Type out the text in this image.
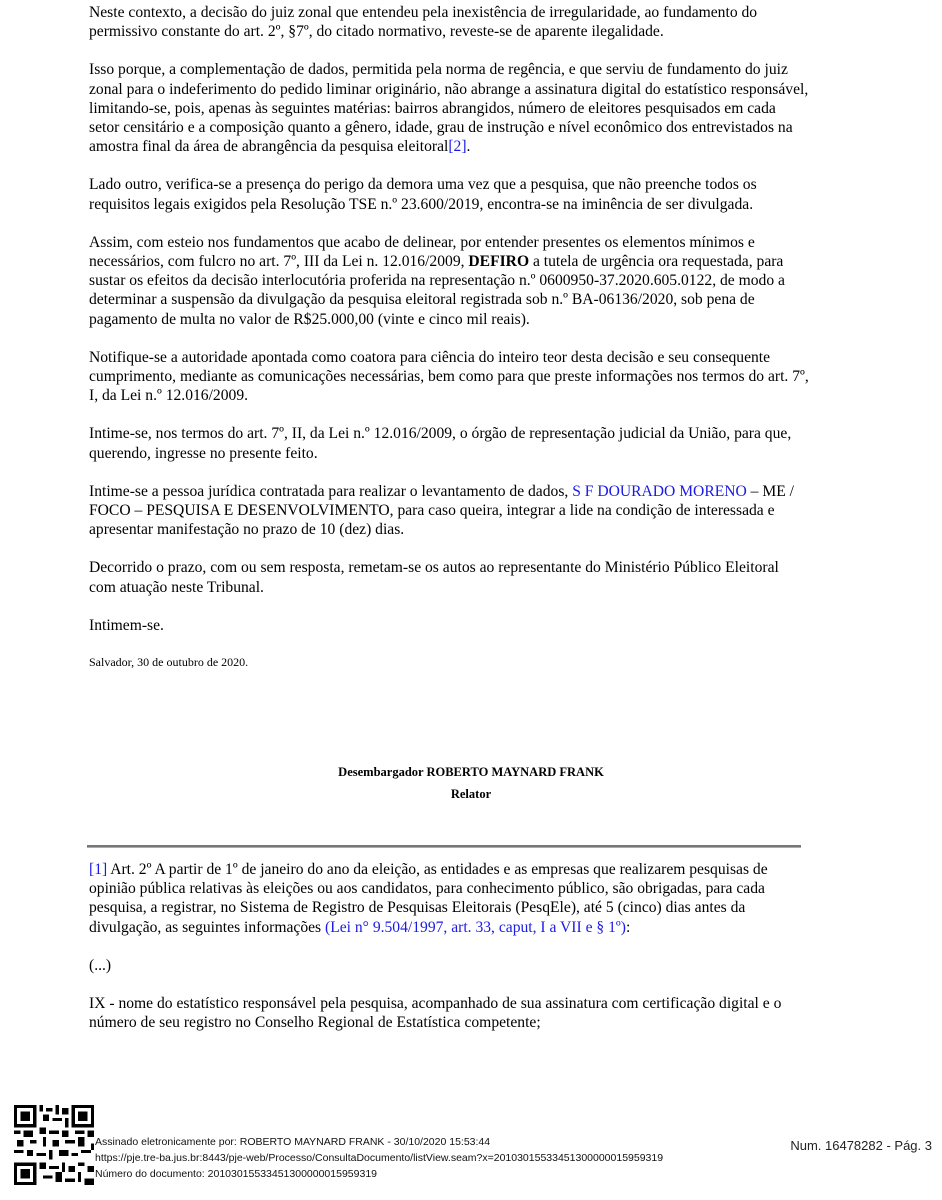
Neste contexto, a decisão do juiz zonal que entendeu pela inexistência de irregularidade, ao fundamento do permissivo constante do art. 2º, §7º, do citado normativo, reveste-se de aparente ilegalidade.

Isso porque, a complementação de dados, permitida pela norma de regência, e que serviu de fundamento do juiz zonal para o indeferimento do pedido liminar originário, não abrange a assinatura digital do estatístico responsável, limitando-se, pois, apenas às seguintes matérias: bairros abrangidos, número de eleitores pesquisados em cada setor censitário e a composição quanto a gênero, idade, grau de instrução e nível econômico dos entrevistados na amostra final da área de abrangência da pesquisa eleitoral[2].

Lado outro, verifica-se a presença do perigo da demora uma vez que a pesquisa, que não preenche todos os requisitos legais exigidos pela Resolução TSE n.º 23.600/2019, encontra-se na iminência de ser divulgada.

Assim, com esteio nos fundamentos que acabo de delinear, por entender presentes os elementos mínimos e necessários, com fulcro no art. 7º, III da Lei n. 12.016/2009, DEFIRO a tutela de urgência ora requestada, para sustar os efeitos da decisão interlocutória proferida na representação n.º 0600950-37.2020.605.0122, de modo a determinar a suspensão da divulgação da pesquisa eleitoral registrada sob n.º BA-06136/2020, sob pena de pagamento de multa no valor de R$25.000,00 (vinte e cinco mil reais).

Notifique-se a autoridade apontada como coatora para ciência do inteiro teor desta decisão e seu consequente cumprimento, mediante as comunicações necessárias, bem como para que preste informações nos termos do art. 7º, I, da Lei n.º 12.016/2009.

Intime-se, nos termos do art. 7º, II, da Lei n.º 12.016/2009, o órgão de representação judicial da União, para que, querendo, ingresse no presente feito.

Intime-se a pessoa jurídica contratada para realizar o levantamento de dados, S F DOURADO MORENO – ME / FOCO – PESQUISA E DESENVOLVIMENTO, para caso queira, integrar a lide na condição de interessada e apresentar manifestação no prazo de 10 (dez) dias.

Decorrido o prazo, com ou sem resposta, remetam-se os autos ao representante do Ministério Público Eleitoral com atuação neste Tribunal.

Intimem-se.

Salvador, 30 de outubro de 2020.

Desembargador ROBERTO MAYNARD FRANK
Relator

[1] Art. 2º A partir de 1º de janeiro do ano da eleição, as entidades e as empresas que realizarem pesquisas de opinião pública relativas às eleições ou aos candidatos, para conhecimento público, são obrigadas, para cada pesquisa, a registrar, no Sistema de Registro de Pesquisas Eleitorais (PesqEle), até 5 (cinco) dias antes da divulgação, as seguintes informações (Lei n° 9.504/1997, art. 33, caput, I a VII e § 1º):

(...)

IX - nome do estatístico responsável pela pesquisa, acompanhado de sua assinatura com certificação digital e o número de seu registro no Conselho Regional de Estatística competente;

Assinado eletronicamente por: ROBERTO MAYNARD FRANK - 30/10/2020 15:53:44
https://pje.tre-ba.jus.br:8443/pje-web/Processo/ConsultaDocumento/listView.seam?x=20103015533451300000015959319
Número do documento: 20103015533451300000015959319
Num. 16478282 - Pág. 3
